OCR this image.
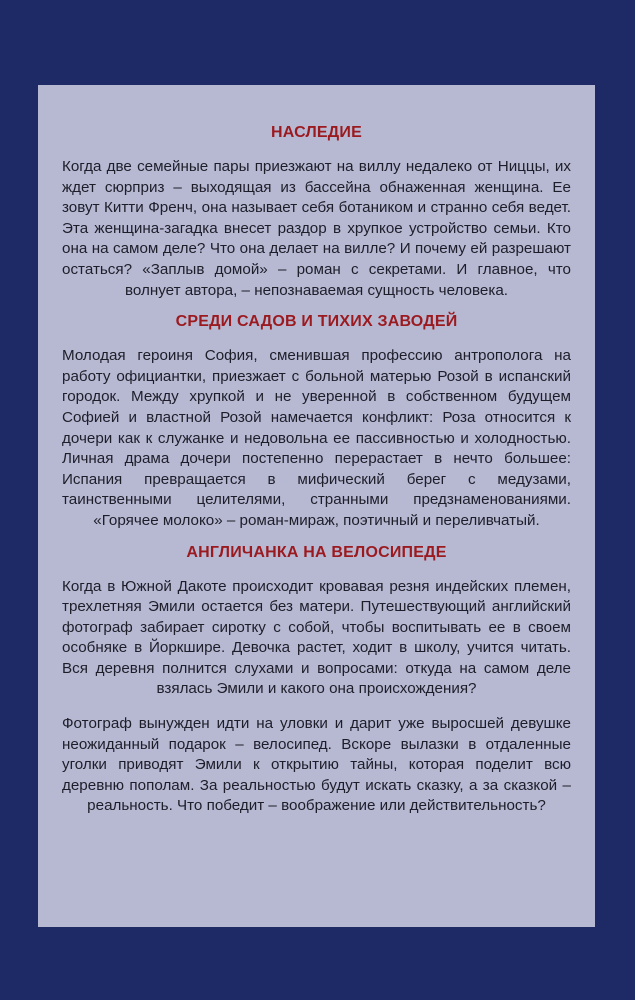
НАСЛЕДИЕ

Когда две семейные пары приезжают на виллу недалеко от Ниццы, их ждет сюрприз – выходящая из бассейна обнаженная женщина. Ее зовут Китти Френч, она называет себя ботаником и странно себя ведет. Эта женщина-загадка внесет раздор в хрупкое устройство семьи. Кто она на самом деле? Что она делает на вилле? И почему ей разрешают остаться? «Заплыв домой» – роман с секретами. И главное, что волнует автора, – непознаваемая сущность человека.

СРЕДИ САДОВ И ТИХИХ ЗАВОДЕЙ

Молодая героиня София, сменившая профессию антрополога на работу официантки, приезжает с больной матерью Розой в испанский городок. Между хрупкой и не уверенной в собственном будущем Софией и властной Розой намечается конфликт: Роза относится к дочери как к служанке и недовольна ее пассивностью и холодностью. Личная драма дочери постепенно перерастает в нечто большее: Испания превращается в мифический берег с медузами, таинственными целителями, странными предзнаменованиями. «Горячее молоко» – роман-мираж, поэтичный и переливчатый.

АНГЛИЧАНКА НА ВЕЛОСИПЕДЕ

Когда в Южной Дакоте происходит кровавая резня индейских племен, трехлетняя Эмили остается без матери. Путешествующий английский фотограф забирает сиротку с собой, чтобы воспитывать ее в своем особняке в Йоркшире. Девочка растет, ходит в школу, учится читать. Вся деревня полнится слухами и вопросами: откуда на самом деле взялась Эмили и какого она происхождения?

Фотограф вынужден идти на уловки и дарит уже выросшей девушке неожиданный подарок – велосипед. Вскоре вылазки в отдаленные уголки приводят Эмили к открытию тайны, которая поделит всю деревню пополам. За реальностью будут искать сказку, а за сказкой – реальность. Что победит – воображение или действительность?
